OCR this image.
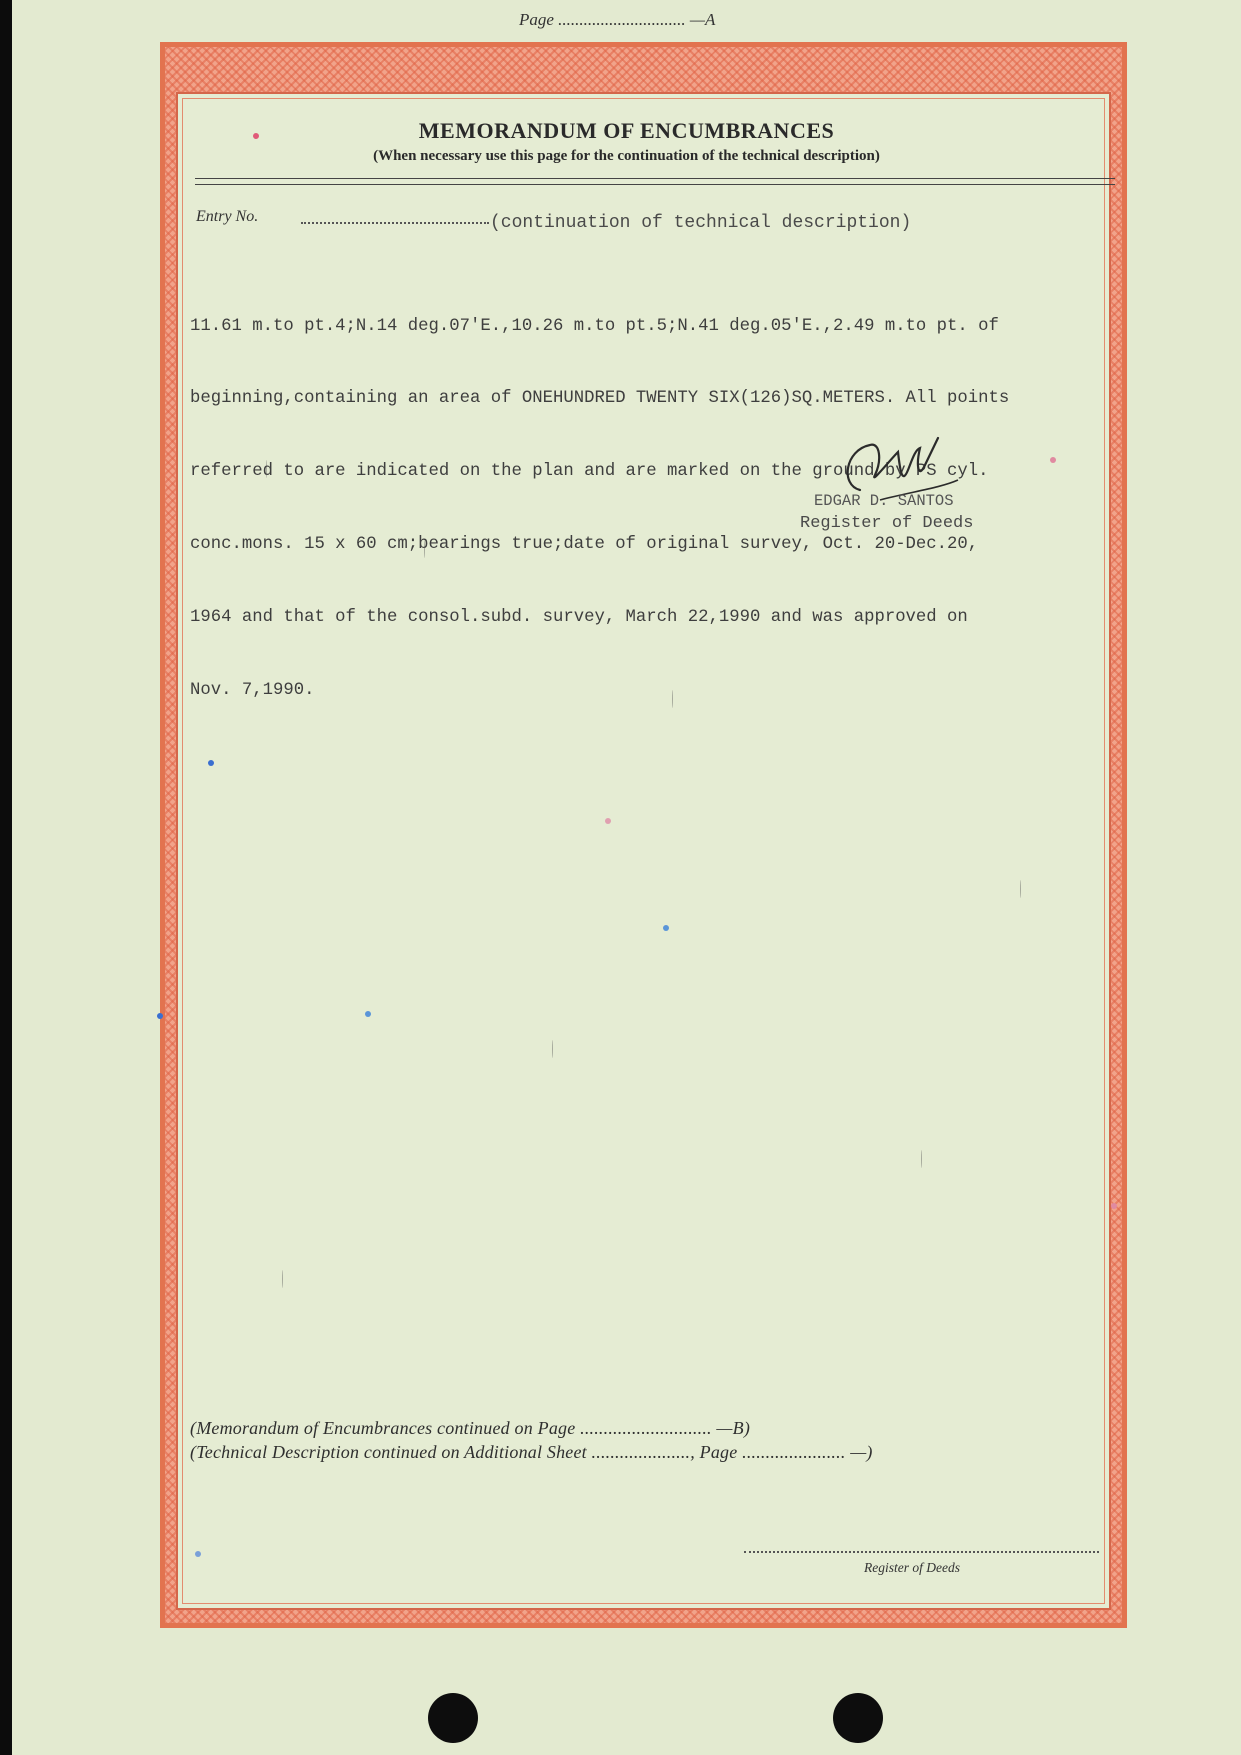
Page .............................. —A
MEMORANDUM OF ENCUMBRANCES
(When necessary use this page for the continuation of the technical description)
Entry No.	(continuation of technical description)

11.61 m.to pt.4;N.14 deg.07'E.,10.26 m.to pt.5;N.41 deg.05'E.,2.49 m.to pt. of

beginning,containing an area of ONEHUNDRED TWENTY SIX(126)SQ.METERS. All points

referred to are indicated on the plan and are marked on the ground by PS cyl.

conc.mons. 15 x 60 cm;bearings true;date of original survey, Oct. 20-Dec.20,

1964 and that of the consol.subd. survey, March 22,1990 and was approved on

Nov. 7,1990.

EDGAR D. SANTOS
Register of Deeds
(Memorandum of Encumbrances continued on Page ............................ —B)
(Technical Description continued on Additional Sheet ....................., Page ...................... —)
Register of Deeds
